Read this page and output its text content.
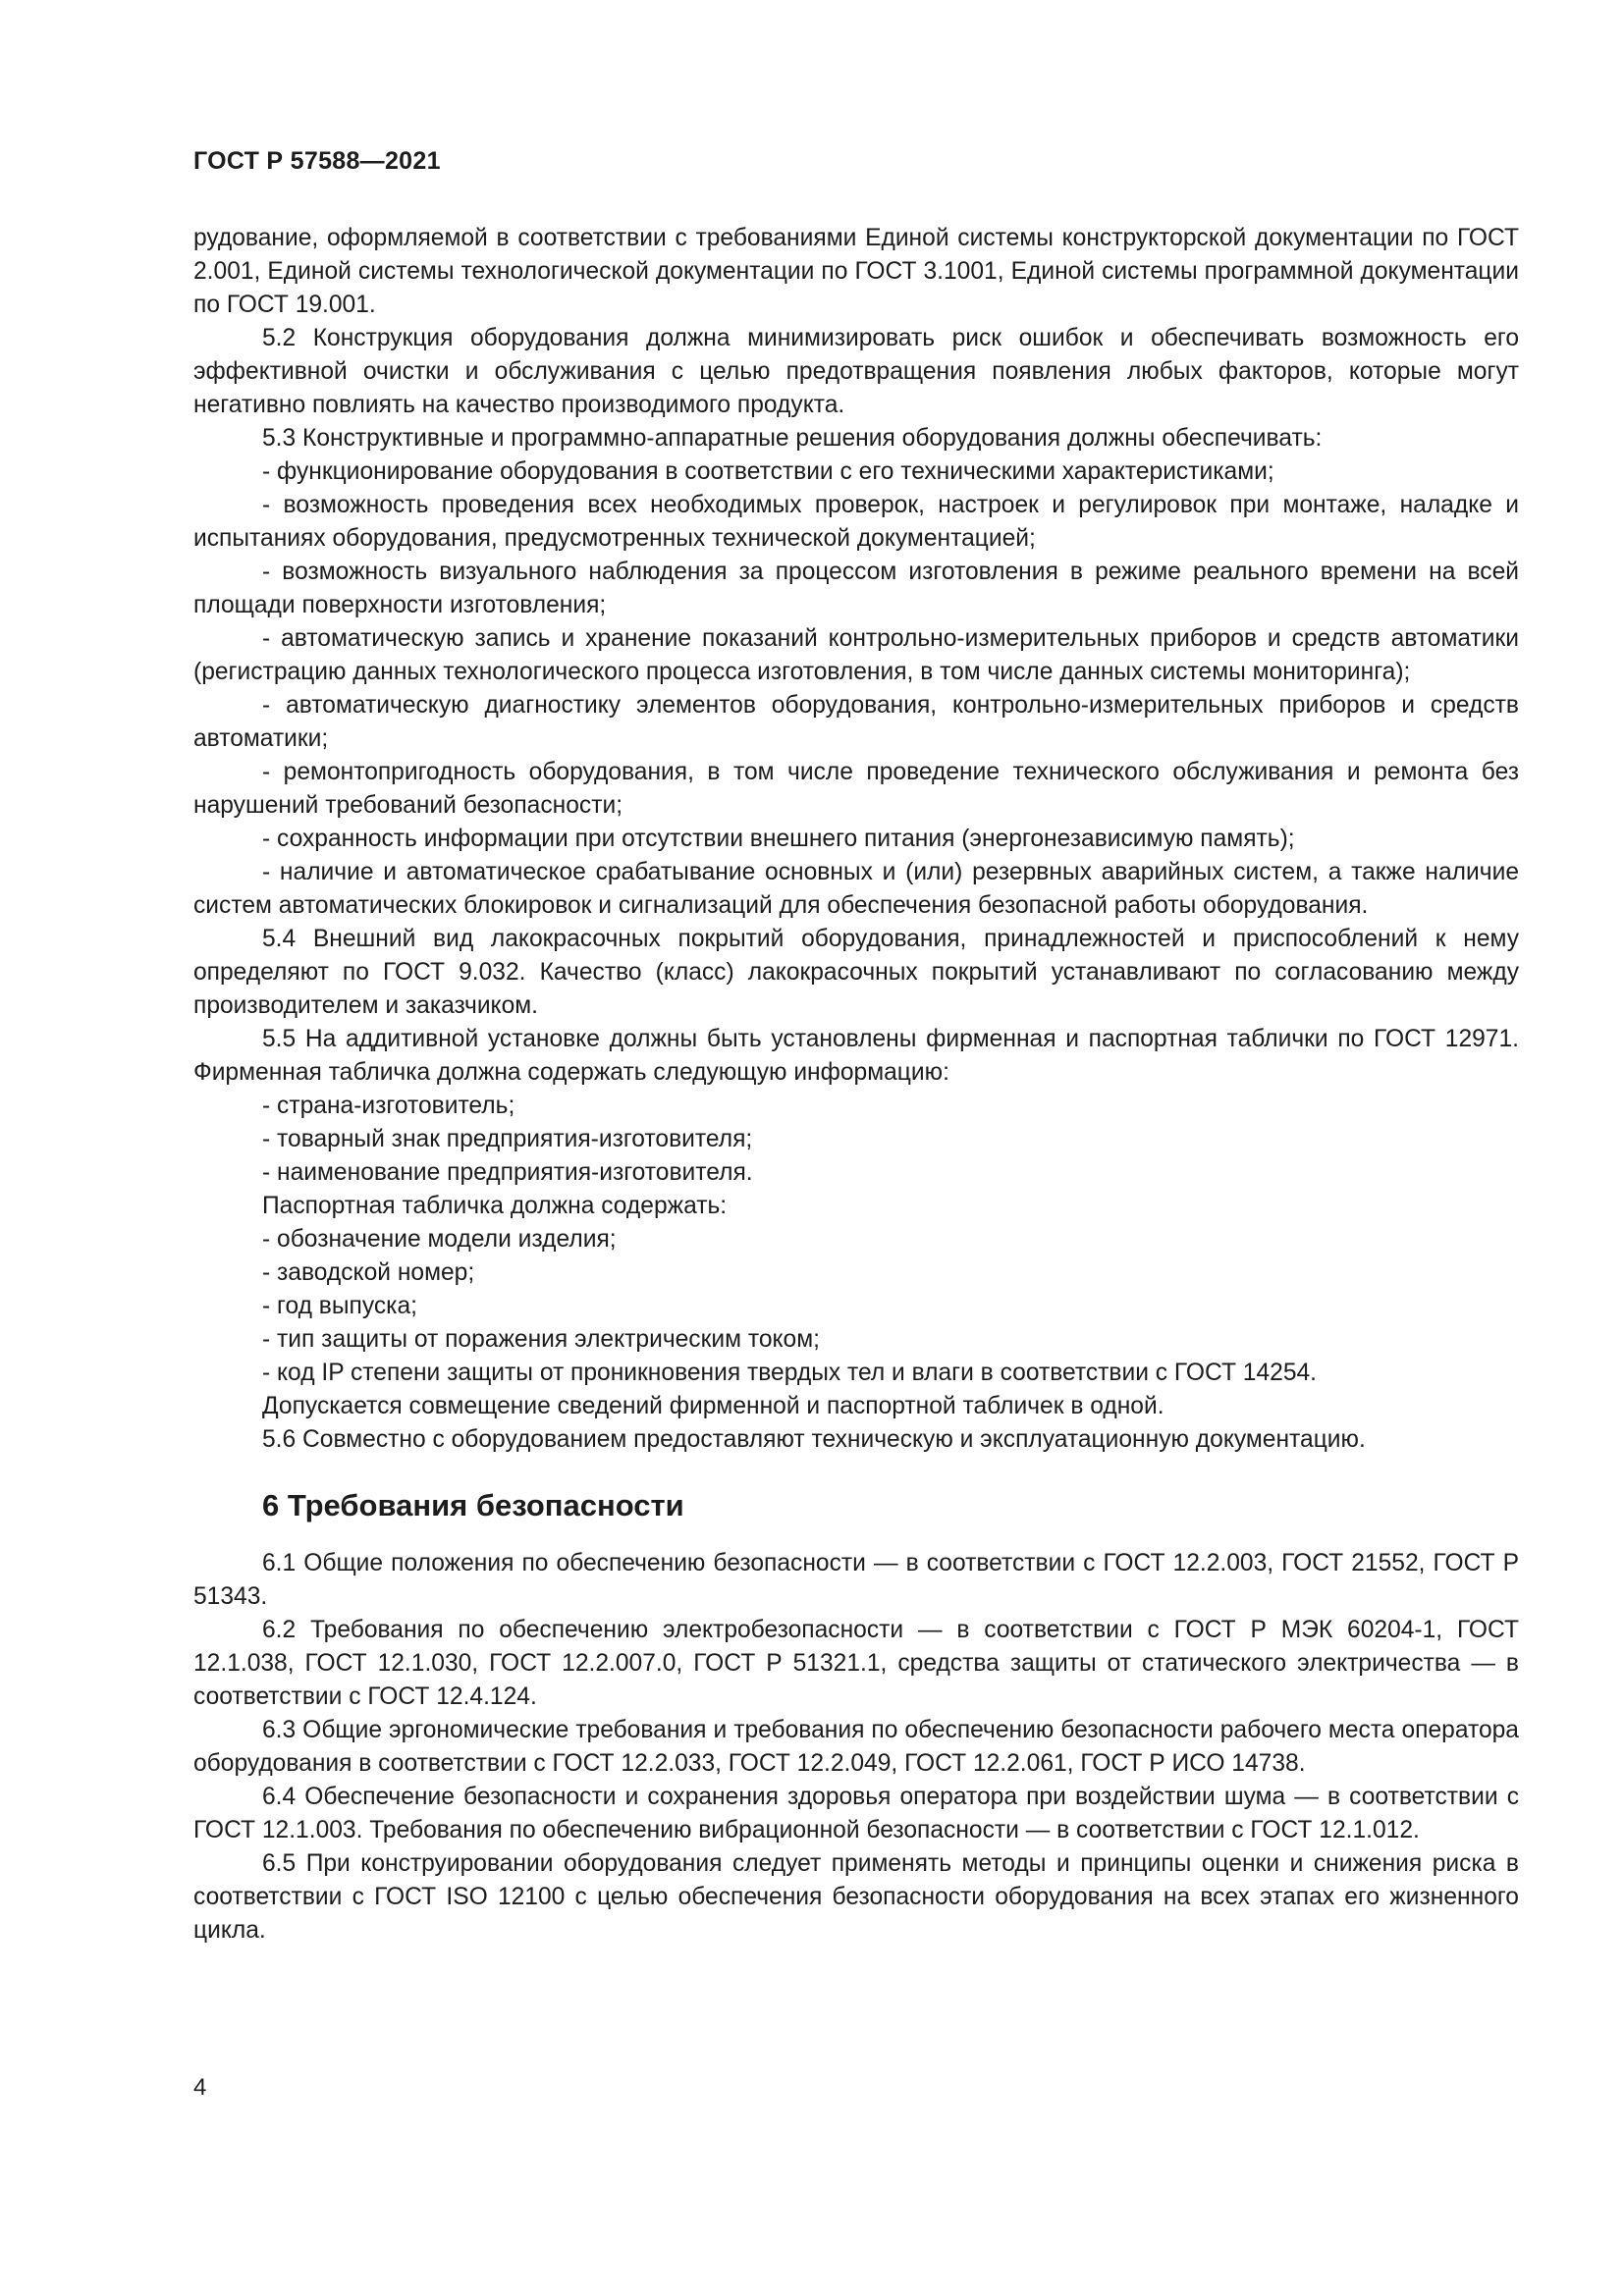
ГОСТ Р 57588—2021

рудование, оформляемой в соответствии с требованиями Единой системы конструкторской документации по ГОСТ 2.001, Единой системы технологической документации по ГОСТ 3.1001, Единой системы программной документации по ГОСТ 19.001.

5.2 Конструкция оборудования должна минимизировать риск ошибок и обеспечивать возможность его эффективной очистки и обслуживания с целью предотвращения появления любых факторов, которые могут негативно повлиять на качество производимого продукта.

5.3 Конструктивные и программно-аппаратные решения оборудования должны обеспечивать:

- функционирование оборудования в соответствии с его техническими характеристиками;

- возможность проведения всех необходимых проверок, настроек и регулировок при монтаже, наладке и испытаниях оборудования, предусмотренных технической документацией;

- возможность визуального наблюдения за процессом изготовления в режиме реального времени на всей площади поверхности изготовления;

- автоматическую запись и хранение показаний контрольно-измерительных приборов и средств автоматики (регистрацию данных технологического процесса изготовления, в том числе данных системы мониторинга);

- автоматическую диагностику элементов оборудования, контрольно-измерительных приборов и средств автоматики;

- ремонтопригодность оборудования, в том числе проведение технического обслуживания и ремонта без нарушений требований безопасности;

- сохранность информации при отсутствии внешнего питания (энергонезависимую память);

- наличие и автоматическое срабатывание основных и (или) резервных аварийных систем, а также наличие систем автоматических блокировок и сигнализаций для обеспечения безопасной работы оборудования.

5.4 Внешний вид лакокрасочных покрытий оборудования, принадлежностей и приспособлений к нему определяют по ГОСТ 9.032. Качество (класс) лакокрасочных покрытий устанавливают по согласованию между производителем и заказчиком.

5.5 На аддитивной установке должны быть установлены фирменная и паспортная таблички по ГОСТ 12971. Фирменная табличка должна содержать следующую информацию:

- страна-изготовитель;

- товарный знак предприятия-изготовителя;

- наименование предприятия-изготовителя.

Паспортная табличка должна содержать:

- обозначение модели изделия;

- заводской номер;

- год выпуска;

- тип защиты от поражения электрическим током;

- код IP степени защиты от проникновения твердых тел и влаги в соответствии с ГОСТ 14254.

Допускается совмещение сведений фирменной и паспортной табличек в одной.

5.6 Совместно с оборудованием предоставляют техническую и эксплуатационную документацию.

6 Требования безопасности

6.1 Общие положения по обеспечению безопасности — в соответствии с ГОСТ 12.2.003, ГОСТ 21552, ГОСТ Р 51343.

6.2 Требования по обеспечению электробезопасности — в соответствии с ГОСТ Р МЭК 60204-1, ГОСТ 12.1.038, ГОСТ 12.1.030, ГОСТ 12.2.007.0, ГОСТ Р 51321.1, средства защиты от статического электричества — в соответствии с ГОСТ 12.4.124.

6.3 Общие эргономические требования и требования по обеспечению безопасности рабочего места оператора оборудования в соответствии с ГОСТ 12.2.033, ГОСТ 12.2.049, ГОСТ 12.2.061, ГОСТ Р ИСО 14738.

6.4 Обеспечение безопасности и сохранения здоровья оператора при воздействии шума — в соответствии с ГОСТ 12.1.003. Требования по обеспечению вибрационной безопасности — в соответствии с ГОСТ 12.1.012.

6.5 При конструировании оборудования следует применять методы и принципы оценки и снижения риска в соответствии с ГОСТ ISO 12100 с целью обеспечения безопасности оборудования на всех этапах его жизненного цикла.

4
